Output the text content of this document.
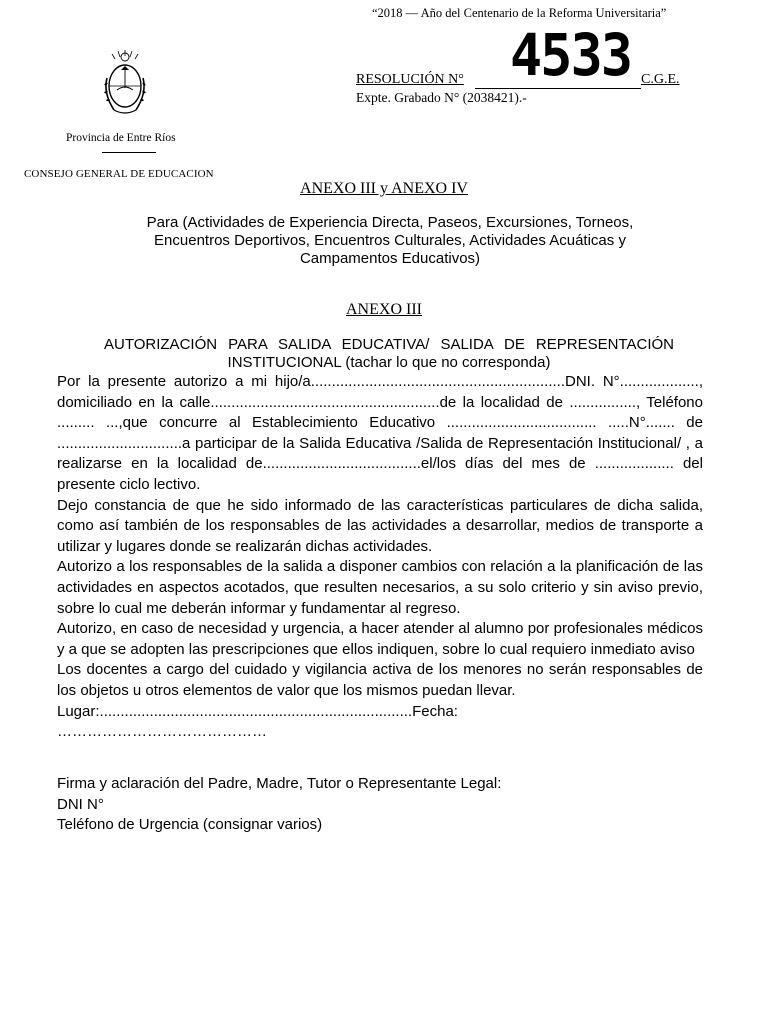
“2018 — Año del Centenario de la Reforma Universitaria”
Provincia de Entre Ríos
CONSEJO GENERAL DE EDUCACION
RESOLUCIÓN N° 4533 C.G.E.
Expte. Grabado N° (2038421).-
ANEXO III y ANEXO IV
Para (Actividades de Experiencia Directa, Paseos, Excursiones, Torneos, Encuentros Deportivos, Encuentros Culturales, Actividades Acuáticas y Campamentos Educativos)
ANEXO III
AUTORIZACIÓN PARA SALIDA EDUCATIVA/ SALIDA DE REPRESENTACIÓN INSTITUCIONAL (tachar lo que no corresponda)

Por la presente autorizo a mi hijo/a.............................................................DNI. N°..................., domiciliado en la calle.......................................................de la localidad de ................, Teléfono ......... ...,que concurre al Establecimiento Educativo .................................... .....N°....... de ..............................a participar de la Salida Educativa /Salida de Representación Institucional/ , a realizarse en la localidad de......................................el/los días del mes de ................... del presente ciclo lectivo.

Dejo constancia de que he sido informado de las características particulares de dicha salida, como así también de los responsables de las actividades a desarrollar, medios de transporte a utilizar y lugares donde se realizarán dichas actividades.

Autorizo a los responsables de la salida a disponer cambios con relación a la planificación de las actividades en aspectos acotados, que resulten necesarios, a su solo criterio y sin aviso previo, sobre lo cual me deberán informar y fundamentar al regreso.

Autorizo, en caso de necesidad y urgencia, a hacer atender al alumno por profesionales médicos y a que se adopten las prescripciones que ellos indiquen, sobre lo cual requiero inmediato aviso

Los docentes a cargo del cuidado y vigilancia activa de los menores no serán responsables de los objetos u otros elementos de valor que los mismos puedan llevar.

Lugar:...........................................................................Fecha:

……………………………………

Firma y aclaración del Padre, Madre, Tutor o Representante Legal:
DNI N°
Teléfono de Urgencia (consignar varios)
